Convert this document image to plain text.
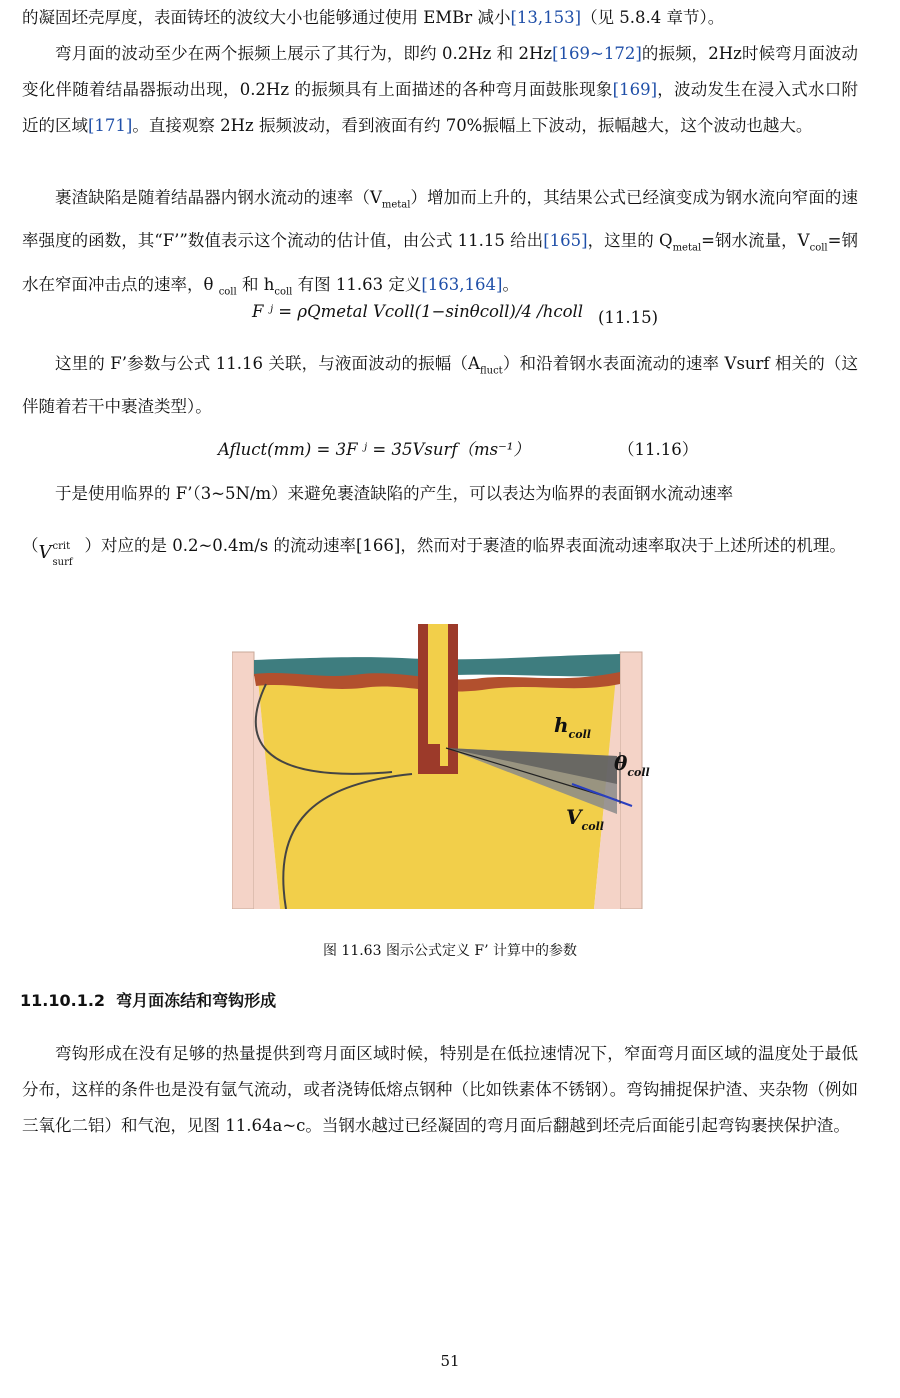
的凝固坯壳厚度，表面铸坯的波纹大小也能够通过使用 EMBr 减小[13,153]（见 5.8.4 章节）。
弯月面的波动至少在两个振频上展示了其行为，即约 0.2Hz 和 2Hz[169~172]的振频，2Hz时候弯月面波动变化伴随着结晶器振动出现，0.2Hz 的振频具有上面描述的各种弯月面鼓胀现象[169]，波动发生在浸入式水口附近的区域[171]。直接观察 2Hz 振频波动，看到液面有约 70%振幅上下波动，振幅越大，这个波动也越大。
裹渣缺陷是随着结晶器内钢水流动的速率$(V_{metal})$增加而上升的，其结果公式已经演变成为钢水流向窄面的速率强度的函数，其“F’”数值表示这个流动的估计值，由公式 11.15 给出[165]，这里的 $Q_{metal}=$钢水流量，$V_{coll}=$钢水在窄面冲击点的速率，θ $_{coll}$ 和 $h_{coll}$ 有图 11.63 定义[163,164]。
F ʲ = ρQmetal Vcoll(1−sinθcoll)/4 /hcoll (11.15)
这里的 F’参数与公式 11.16 关联，与液面波动的振幅$(A_{fluct})$和沿着钢水表面流动的速率 Vsurf 相关的（这伴随着若干中裹渣类型）。
Afluct(mm) = 3F ʲ = 35Vsurf（ms⁻¹）	（11.16）
于是使用临界的 F’（3~5N/m）来避免裹渣缺陷的产生，可以表达为临界的表面钢水流动速率
（ V crit
surf
）对应的是 0.2~0.4m/s 的流动速率[166]，然而对于裹渣的临界表面流动速率取决于上述所述的机理。
$h_{coll}$
$\theta_{coll}$
$V_{coll}$
图 11.63 图示公式定义 F’ 计算中的参数
11.10.1.2 弯月面冻结和弯钩形成
弯钩形成在没有足够的热量提供到弯月面区域时候，特别是在低拉速情况下，窄面弯月面区域的温度处于最低分布，这样的条件也是没有氩气流动，或者浇铸低熔点钢种（比如铁素体不锈钢）。弯钩捕捉保护渣、夹杂物（例如三氧化二铝）和气泡，见图 11.64a~c。当钢水越过已经凝固的弯月面后翻越到坯壳后面能引起弯钩裹挟保护渣。
51
